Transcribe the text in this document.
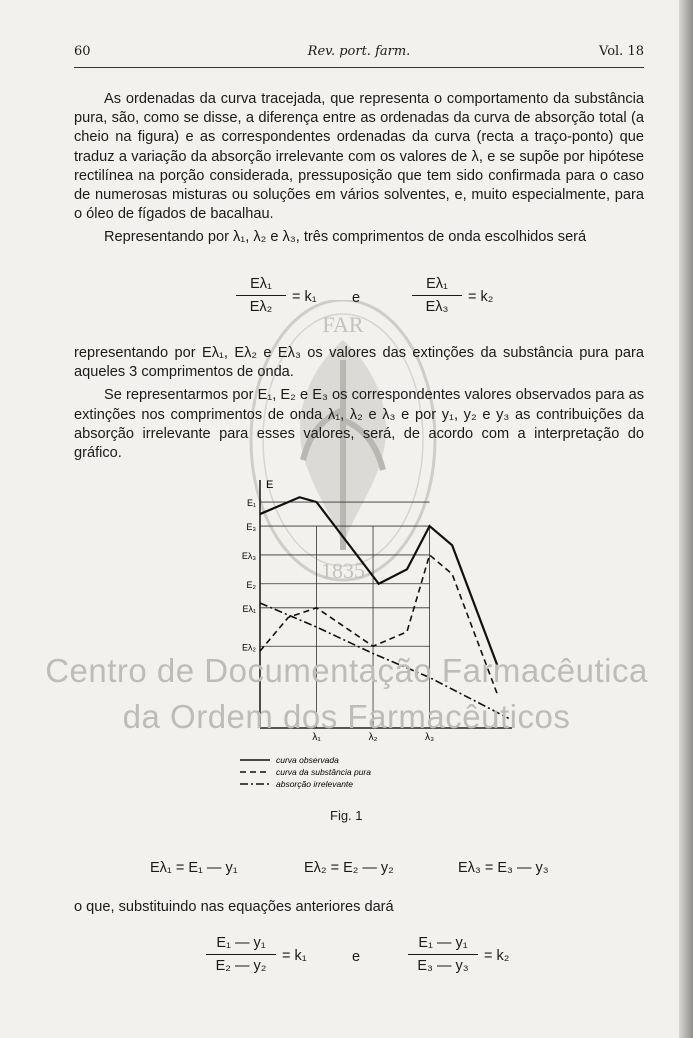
FAR
1835
60	Rev. port. farm.	Vol. 18

As ordenadas da curva tracejada, que representa o comportamento da substância pura, são, como se disse, a diferença entre as ordenadas da curva de absorção total (a cheio na figura) e as correspondentes ordenadas da curva (recta a traço-ponto) que traduz a variação da absorção irrelevante com os valores de λ, e se supõe por hipótese rectilínea na porção considerada, pressuposição que tem sido confirmada para o caso de numerosas misturas ou soluções em vários solventes, e, muito especialmente, para o óleo de fígados de bacalhau.

Representando por λ₁, λ₂ e λ₃, três comprimentos de onda escolhidos será

Eλ₁
Eλ₂
= k₁ e
Eλ₁
Eλ₃
= k₂

representando por Eλ₁, Eλ₂ e Eλ₃ os valores das extinções da substância pura para aqueles 3 comprimentos de onda.

Se representarmos por E₁, E₂ e E₃ os correspondentes valores observados para as extinções nos comprimentos de onda λ₁, λ₂ e λ₃ e por y₁, y₂ e y₃ as contribuições da absorção irrelevante para esses valores, será, de acordo com a interpretação do gráfico.

E
E₁
E₃
Eλ₃
E₂
Eλ₁
Eλ₂
λ₁	λ₂	λ₃
curva observada
curva da substância pura
absorção irrelevante
Fig. 1
Eλ₁ = E₁ — y₁	Eλ₂ = E₂ — y₂	Eλ₃ = E₃ — y₃

o que, substituindo nas equações anteriores dará

E₁ — y₁
E₂ — y₂
= k₁	e
E₁ — y₁
E₃ — y₃
= k₂
Centro de Documentação Farmacêutica
da Ordem dos Farmacêuticos
